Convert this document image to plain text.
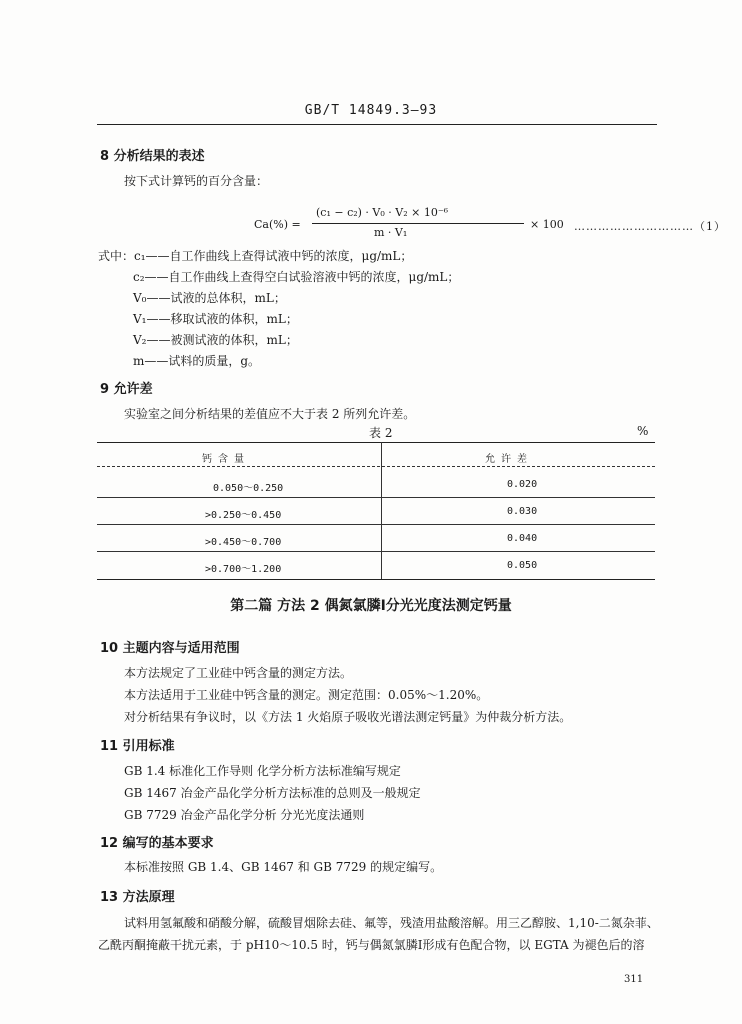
GB/T 14849.3—93
8 分析结果的表述
按下式计算钙的百分含量：
Ca(%) =
(c₁ − c₂) · V₀ · V₂ × 10⁻⁶
m · V₁
× 100 …………………………（1）
式中：c₁——自工作曲线上查得试液中钙的浓度，μg/mL；
c₂——自工作曲线上查得空白试验溶液中钙的浓度，μg/mL；
V₀——试液的总体积，mL；
V₁——移取试液的体积，mL；
V₂——被测试液的体积，mL；
m——试料的质量，g。
9 允许差
实验室之间分析结果的差值应不大于表 2 所列允许差。
表 2	%
钙 含 量	允 许 差
0.050～0.250	0.020
>0.250～0.450	0.030
>0.450～0.700	0.040
>0.700～1.200	0.050
第二篇 方法 2 偶氮氯膦Ⅰ分光光度法测定钙量
10 主题内容与适用范围
本方法规定了工业硅中钙含量的测定方法。
本方法适用于工业硅中钙含量的测定。测定范围：0.05%～1.20%。
对分析结果有争议时，以《方法 1 火焰原子吸收光谱法测定钙量》为仲裁分析方法。
11 引用标准
GB 1.4 标准化工作导则 化学分析方法标准编写规定
GB 1467 冶金产品化学分析方法标准的总则及一般规定
GB 7729 冶金产品化学分析 分光光度法通则
12 编写的基本要求
本标准按照 GB 1.4、GB 1467 和 GB 7729 的规定编写。
13 方法原理
试料用氢氟酸和硝酸分解，硫酸冒烟除去硅、氟等，残渣用盐酸溶解。用三乙醇胺、1,10-二氮杂菲、
乙酰丙酮掩蔽干扰元素，于 pH10～10.5 时，钙与偶氮氯膦Ⅰ形成有色配合物，以 EGTA 为褪色后的溶
311
